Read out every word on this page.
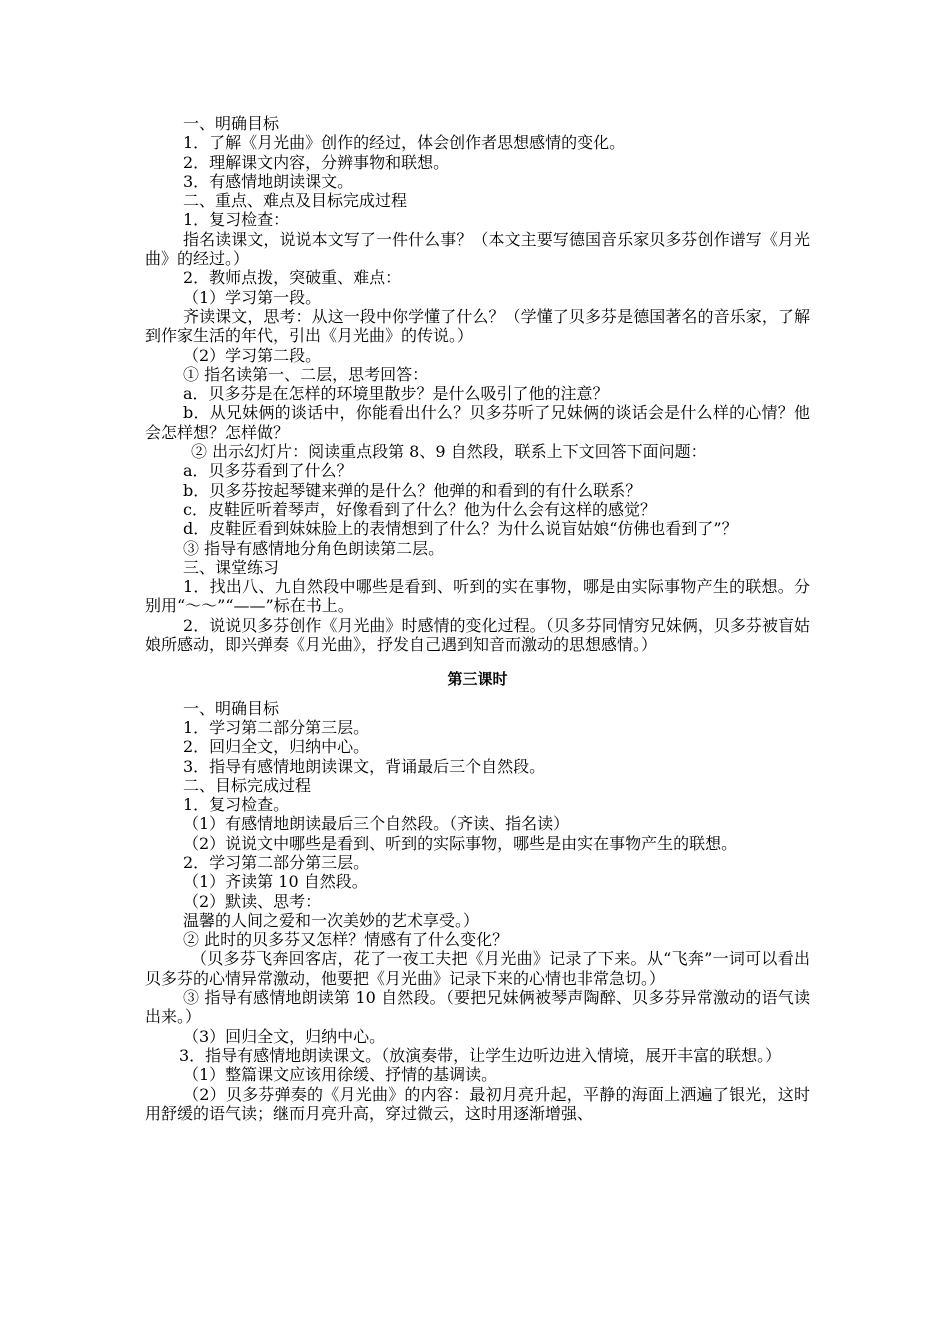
一、明确目标

1．了解《月光曲》创作的经过，体会创作者思想感情的变化。

2．理解课文内容，分辨事物和联想。

3．有感情地朗读课文。

二、重点、难点及目标完成过程

1．复习检查：

指名读课文，说说本文写了一件什么事？（本文主要写德国音乐家贝多芬创作谱写《月光曲》的经过。）

2．教师点拨，突破重、难点：

（1）学习第一段。

齐读课文，思考：从这一段中你学懂了什么？（学懂了贝多芬是德国著名的音乐家，了解到作家生活的年代，引出《月光曲》的传说。）

（2）学习第二段。

① 指名读第一、二层，思考回答：

a．贝多芬是在怎样的环境里散步？是什么吸引了他的注意？

b．从兄妹俩的谈话中，你能看出什么？贝多芬听了兄妹俩的谈话会是什么样的心情？他会怎样想？怎样做？

② 出示幻灯片：阅读重点段第 8、9 自然段，联系上下文回答下面问题：

a．贝多芬看到了什么？

b．贝多芬按起琴键来弹的是什么？他弹的和看到的有什么联系？

c．皮鞋匠听着琴声，好像看到了什么？他为什么会有这样的感觉？

d．皮鞋匠看到妹妹脸上的表情想到了什么？为什么说盲姑娘“仿佛也看到了”？

③ 指导有感情地分角色朗读第二层。

三、课堂练习

1．找出八、九自然段中哪些是看到、听到的实在事物，哪是由实际事物产生的联想。分别用“～～”“——”标在书上。

2．说说贝多芬创作《月光曲》时感情的变化过程。（贝多芬同情穷兄妹俩，贝多芬被盲姑娘所感动，即兴弹奏《月光曲》，抒发自己遇到知音而激动的思想感情。）

第三课时

一、明确目标

1．学习第二部分第三层。

2．回归全文，归纳中心。

3．指导有感情地朗读课文，背诵最后三个自然段。

二、目标完成过程

1．复习检查。

（1）有感情地朗读最后三个自然段。（齐读、指名读）

（2）说说文中哪些是看到、听到的实际事物，哪些是由实在事物产生的联想。

2．学习第二部分第三层。

（1）齐读第 10 自然段。

（2）默读、思考：

温馨的人间之爱和一次美妙的艺术享受。）

② 此时的贝多芬又怎样？情感有了什么变化？

（贝多芬飞奔回客店，花了一夜工夫把《月光曲》记录了下来。从“飞奔”一词可以看出贝多芬的心情异常激动，他要把《月光曲》记录下来的心情也非常急切。）

③ 指导有感情地朗读第 10 自然段。（要把兄妹俩被琴声陶醉、贝多芬异常激动的语气读出来。）

（3）回归全文，归纳中心。

3．指导有感情地朗读课文。（放演奏带，让学生边听边进入情境，展开丰富的联想。）

（1）整篇课文应该用徐缓、抒情的基调读。

（2）贝多芬弹奏的《月光曲》的内容：最初月亮升起，平静的海面上洒遍了银光，这时用舒缓的语气读；继而月亮升高，穿过微云，这时用逐渐增强、
